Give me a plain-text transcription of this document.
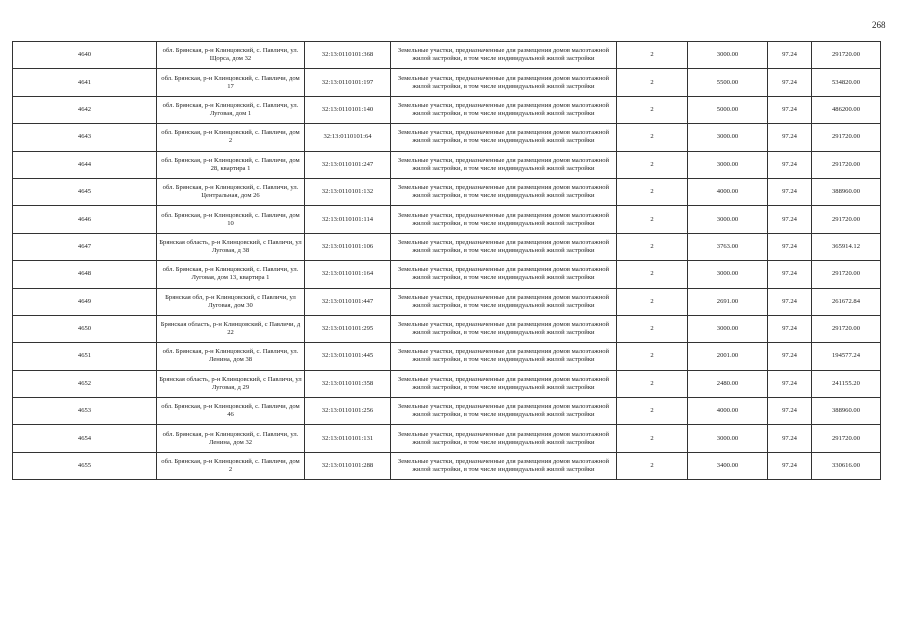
268
4640	обл. Брянская, р-н Клинцовский, с. Павличи, ул. Щорса, дом 32	32:13:0110101:368	Земельные участки, предназначенные для размещения домов малоэтажной жилой застройки, в том числе индивидуальной жилой застройки	2	3000.00	97.24	291720.00
4641	обл. Брянская, р-н Клинцовский, с. Павличи, дом 17	32:13:0110101:197	Земельные участки, предназначенные для размещения домов малоэтажной жилой застройки, в том числе индивидуальной жилой застройки	2	5500.00	97.24	534820.00
4642	обл. Брянская, р-н Клинцовский, с. Павличи, ул. Луговая, дом 1	32:13:0110101:140	Земельные участки, предназначенные для размещения домов малоэтажной жилой застройки, в том числе индивидуальной жилой застройки	2	5000.00	97.24	486200.00
4643	обл. Брянская, р-н Клинцовский, с. Павличи, дом 2	32:13:0110101:64	Земельные участки, предназначенные для размещения домов малоэтажной жилой застройки, в том числе индивидуальной жилой застройки	2	3000.00	97.24	291720.00
4644	обл. Брянская, р-н Клинцовский, с. Павличи, дом 28, квартира 1	32:13:0110101:247	Земельные участки, предназначенные для размещения домов малоэтажной жилой застройки, в том числе индивидуальной жилой застройки	2	3000.00	97.24	291720.00
4645	обл. Брянская, р-н Клинцовский, с. Павличи, ул. Центральная, дом 26	32:13:0110101:132	Земельные участки, предназначенные для размещения домов малоэтажной жилой застройки, в том числе индивидуальной жилой застройки	2	4000.00	97.24	388960.00
4646	обл. Брянская, р-н Клинцовский, с. Павличи, дом 10	32:13:0110101:114	Земельные участки, предназначенные для размещения домов малоэтажной жилой застройки, в том числе индивидуальной жилой застройки	2	3000.00	97.24	291720.00
4647	Брянская область, р-н Клинцовский, с Павличи, ул Луговая, д 38	32:13:0110101:106	Земельные участки, предназначенные для размещения домов малоэтажной жилой застройки, в том числе индивидуальной жилой застройки	2	3763.00	97.24	365914.12
4648	обл. Брянская, р-н Клинцовский, с. Павличи, ул. Луговая, дом 13, квартира 1	32:13:0110101:164	Земельные участки, предназначенные для размещения домов малоэтажной жилой застройки, в том числе индивидуальной жилой застройки	2	3000.00	97.24	291720.00
4649	Брянская обл, р-н Клинцовский, с Павличи, ул Луговая, дом 30	32:13:0110101:447	Земельные участки, предназначенные для размещения домов малоэтажной жилой застройки, в том числе индивидуальной жилой застройки	2	2691.00	97.24	261672.84
4650	Брянская область, р-н Клинцовский, с Павличи, д 22	32:13:0110101:295	Земельные участки, предназначенные для размещения домов малоэтажной жилой застройки, в том числе индивидуальной жилой застройки	2	3000.00	97.24	291720.00
4651	обл. Брянская, р-н Клинцовский, с. Павличи, ул. Ленина, дом 38	32:13:0110101:445	Земельные участки, предназначенные для размещения домов малоэтажной жилой застройки, в том числе индивидуальной жилой застройки	2	2001.00	97.24	194577.24
4652	Брянская область, р-н Клинцовский, с Павличи, ул Луговая, д 29	32:13:0110101:358	Земельные участки, предназначенные для размещения домов малоэтажной жилой застройки, в том числе индивидуальной жилой застройки	2	2480.00	97.24	241155.20
4653	обл. Брянская, р-н Клинцовский, с. Павличи, дом 46	32:13:0110101:256	Земельные участки, предназначенные для размещения домов малоэтажной жилой застройки, в том числе индивидуальной жилой застройки	2	4000.00	97.24	388960.00
4654	обл. Брянская, р-н Клинцовский, с. Павличи, ул. Ленина, дом 32	32:13:0110101:131	Земельные участки, предназначенные для размещения домов малоэтажной жилой застройки, в том числе индивидуальной жилой застройки	2	3000.00	97.24	291720.00
4655	обл. Брянская, р-н Клинцовский, с. Павличи, дом 2	32:13:0110101:288	Земельные участки, предназначенные для размещения домов малоэтажной жилой застройки, в том числе индивидуальной жилой застройки	2	3400.00	97.24	330616.00
